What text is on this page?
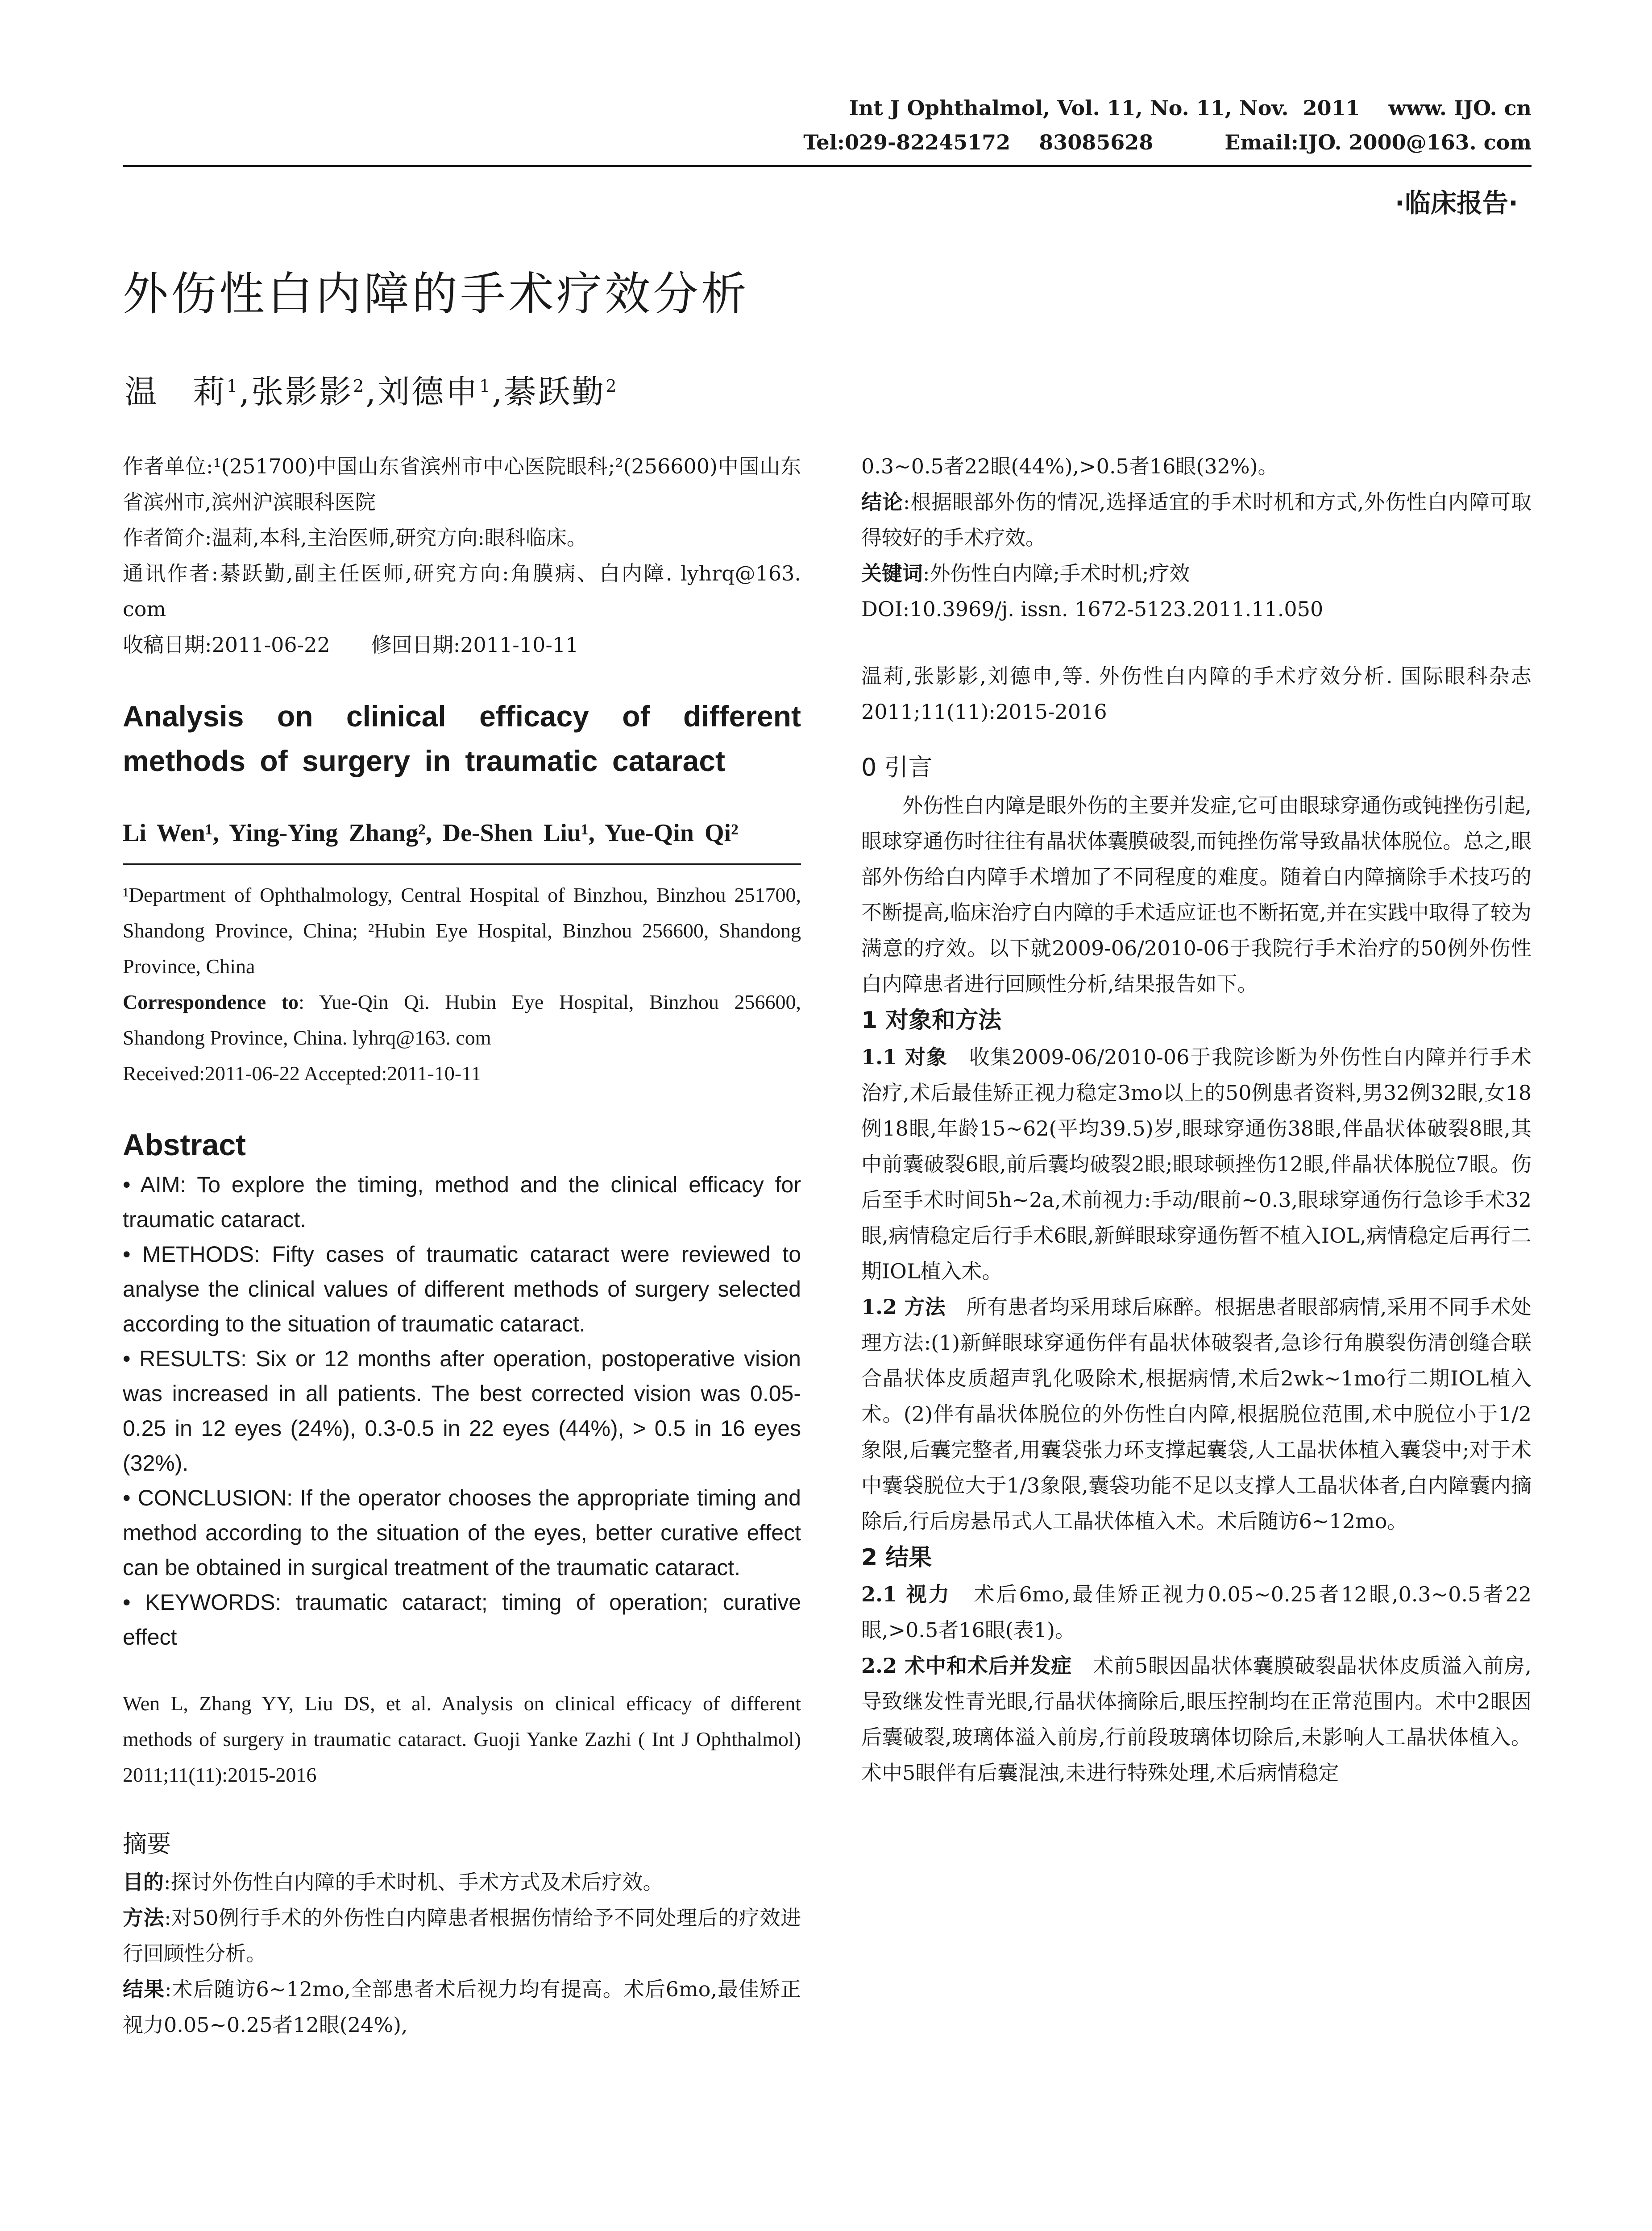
Int J Ophthalmol, Vol. 11, No. 11, Nov.  2011    www. IJO. cn
Tel:029-82245172    83085628          Email:IJO. 2000@163. com
·临床报告·
外伤性白内障的手术疗效分析
温　莉$^1$,张影影$^2$,刘德申$^1$,綦跃勤$^2$

作者单位:¹(251700)中国山东省滨州市中心医院眼科;²(256600)中国山东省滨州市,滨州沪滨眼科医院

作者简介:温莉,本科,主治医师,研究方向:眼科临床。

通讯作者:綦跃勤,副主任医师,研究方向:角膜病、白内障. lyhrq@163. com

收稿日期:2011-06-22　　修回日期:2011-10-11

Analysis on clinical efficacy of different methods of surgery in traumatic cataract

Li Wen¹, Ying-Ying Zhang², De-Shen Liu¹, Yue-Qin Qi²

¹Department of Ophthalmology, Central Hospital of Binzhou, Binzhou 251700, Shandong Province, China; ²Hubin Eye Hospital, Binzhou 256600, Shandong Province, China

Correspondence to: Yue-Qin Qi. Hubin Eye Hospital, Binzhou 256600, Shandong Province, China. lyhrq@163. com

Received:2011-06-22 Accepted:2011-10-11

Abstract

• AIM: To explore the timing, method and the clinical efficacy for traumatic cataract.

• METHODS: Fifty cases of traumatic cataract were reviewed to analyse the clinical values of different methods of surgery selected according to the situation of traumatic cataract.

• RESULTS: Six or 12 months after operation, postoperative vision was increased in all patients. The best corrected vision was 0.05-0.25 in 12 eyes (24%), 0.3-0.5 in 22 eyes (44%), > 0.5 in 16 eyes (32%).

• CONCLUSION: If the operator chooses the appropriate timing and method according to the situation of the eyes, better curative effect can be obtained in surgical treatment of the traumatic cataract.

• KEYWORDS: traumatic cataract; timing of operation; curative effect

Wen L, Zhang YY, Liu DS, et al. Analysis on clinical efficacy of different methods of surgery in traumatic cataract. Guoji Yanke Zazhi ( Int J Ophthalmol) 2011;11(11):2015-2016

摘要

目的:探讨外伤性白内障的手术时机、手术方式及术后疗效。

方法:对50例行手术的外伤性白内障患者根据伤情给予不同处理后的疗效进行回顾性分析。

结果:术后随访6~12mo,全部患者术后视力均有提高。术后6mo,最佳矫正视力0.05~0.25者12眼(24%),

0.3~0.5者22眼(44%),>0.5者16眼(32%)。

结论:根据眼部外伤的情况,选择适宜的手术时机和方式,外伤性白内障可取得较好的手术疗效。

关键词:外伤性白内障;手术时机;疗效

DOI:10.3969/j. issn. 1672-5123.2011.11.050

温莉,张影影,刘德申,等. 外伤性白内障的手术疗效分析. 国际眼科杂志 2011;11(11):2015-2016

0 引言

外伤性白内障是眼外伤的主要并发症,它可由眼球穿通伤或钝挫伤引起,眼球穿通伤时往往有晶状体囊膜破裂,而钝挫伤常导致晶状体脱位。总之,眼部外伤给白内障手术增加了不同程度的难度。随着白内障摘除手术技巧的不断提高,临床治疗白内障的手术适应证也不断拓宽,并在实践中取得了较为满意的疗效。以下就2009-06/2010-06于我院行手术治疗的50例外伤性白内障患者进行回顾性分析,结果报告如下。

1 对象和方法

1.1 对象　 收集2009-06/2010-06于我院诊断为外伤性白内障并行手术治疗,术后最佳矫正视力稳定3mo以上的50例患者资料,男32例32眼,女18例18眼,年龄15~62(平均39.5)岁,眼球穿通伤38眼,伴晶状体破裂8眼,其中前囊破裂6眼,前后囊均破裂2眼;眼球顿挫伤12眼,伴晶状体脱位7眼。伤后至手术时间5h~2a,术前视力:手动/眼前~0.3,眼球穿通伤行急诊手术32眼,病情稳定后行手术6眼,新鲜眼球穿通伤暂不植入IOL,病情稳定后再行二期IOL植入术。

1.2 方法　 所有患者均采用球后麻醉。根据患者眼部病情,采用不同手术处理方法:(1)新鲜眼球穿通伤伴有晶状体破裂者,急诊行角膜裂伤清创缝合联合晶状体皮质超声乳化吸除术,根据病情,术后2wk~1mo行二期IOL植入术。(2)伴有晶状体脱位的外伤性白内障,根据脱位范围,术中脱位小于1/2象限,后囊完整者,用囊袋张力环支撑起囊袋,人工晶状体植入囊袋中;对于术中囊袋脱位大于1/3象限,囊袋功能不足以支撑人工晶状体者,白内障囊内摘除后,行后房悬吊式人工晶状体植入术。术后随访6~12mo。

2 结果

2.1 视力　 术后6mo,最佳矫正视力0.05~0.25者12眼,0.3~0.5者22眼,>0.5者16眼(表1)。

2.2 术中和术后并发症　 术前5眼因晶状体囊膜破裂晶状体皮质溢入前房,导致继发性青光眼,行晶状体摘除后,眼压控制均在正常范围内。术中2眼因后囊破裂,玻璃体溢入前房,行前段玻璃体切除后,未影响人工晶状体植入。术中5眼伴有后囊混浊,未进行特殊处理,术后病情稳定
